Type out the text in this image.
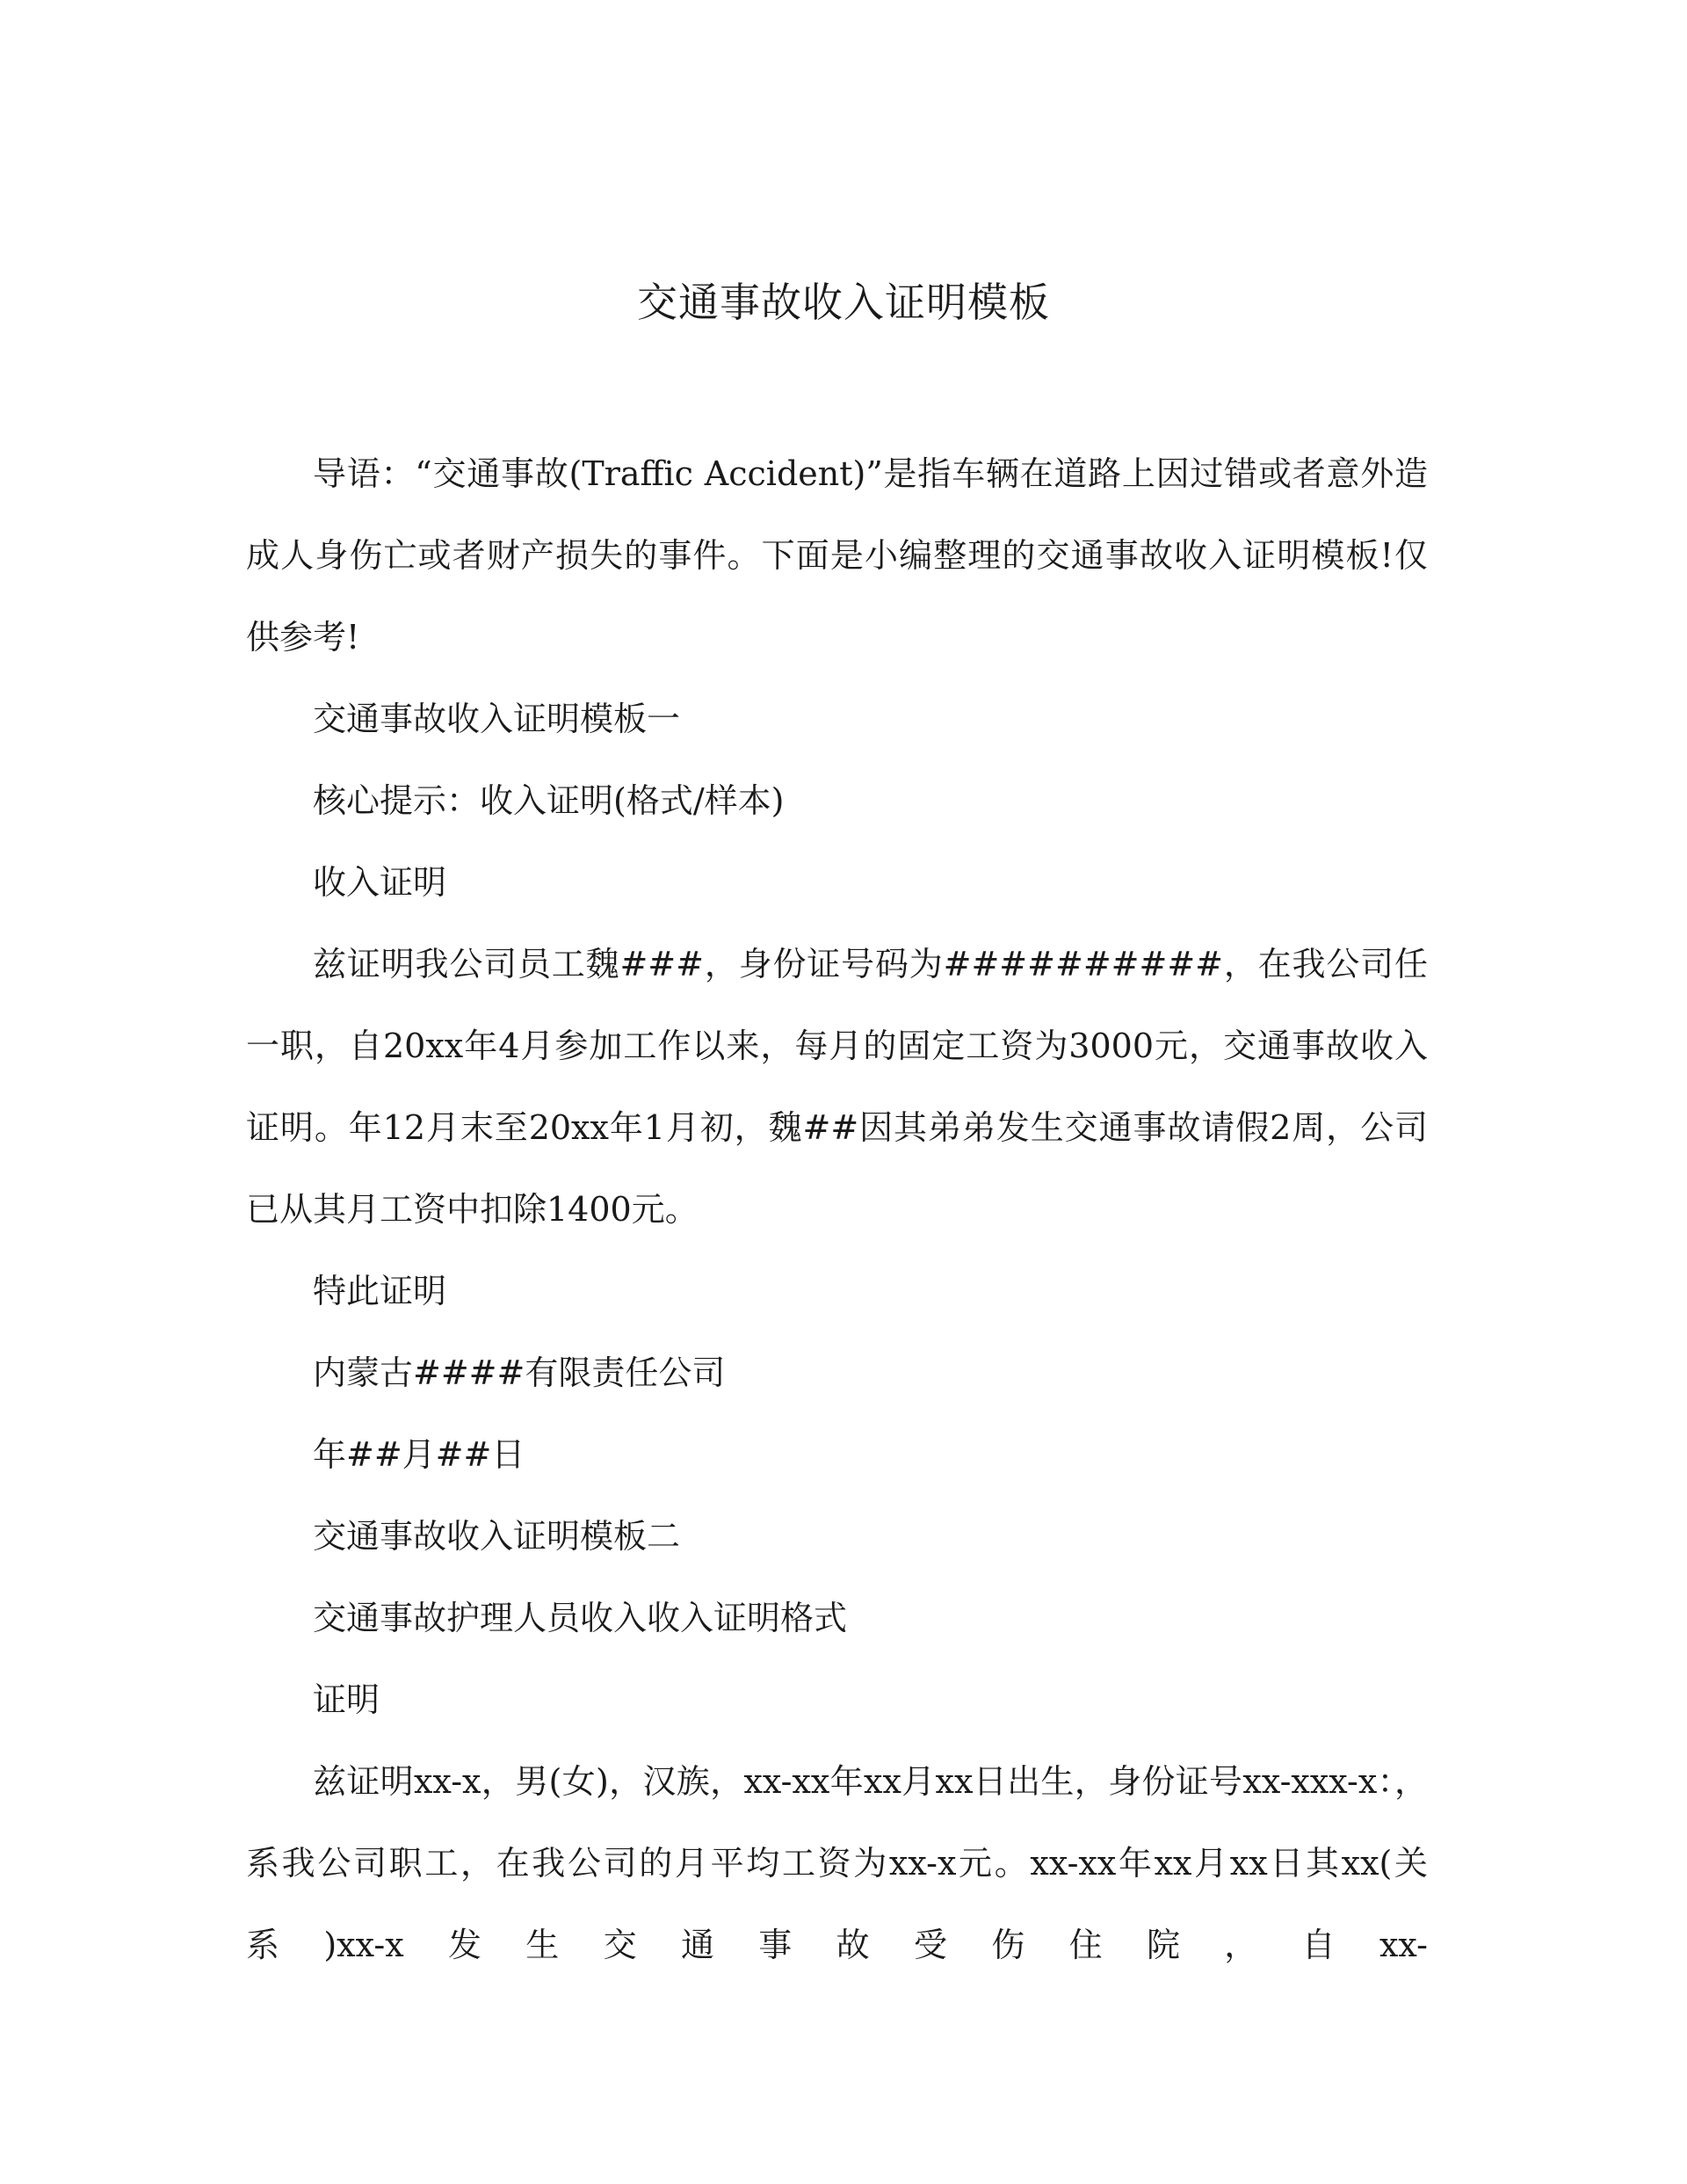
交通事故收入证明模板

导语：“交通事故(Traffic Accident)”是指车辆在道路上因过错或者意外造成人身伤亡或者财产损失的事件。下面是小编整理的交通事故收入证明模板!仅供参考!

交通事故收入证明模板一

核心提示：收入证明(格式/样本)

收入证明

兹证明我公司员工魏###，身份证号码为##########，在我公司任一职，自20xx年4月参加工作以来，每月的固定工资为3000元，交通事故收入证明。年12月末至20xx年1月初，魏##因其弟弟发生交通事故请假2周，公司已从其月工资中扣除1400元。

特此证明

内蒙古####有限责任公司

年##月##日

交通事故收入证明模板二

交通事故护理人员收入收入证明格式

证明

兹证明xx-x，男(女)，汉族，xx-xx年xx月xx日出生，身份证号xx-xxx-x：，系我公司职工，在我公司的月平均工资为xx-x元。xx-xx年xx月xx日其xx(关系)xx-x发生交通事故受伤住院，自xx-
